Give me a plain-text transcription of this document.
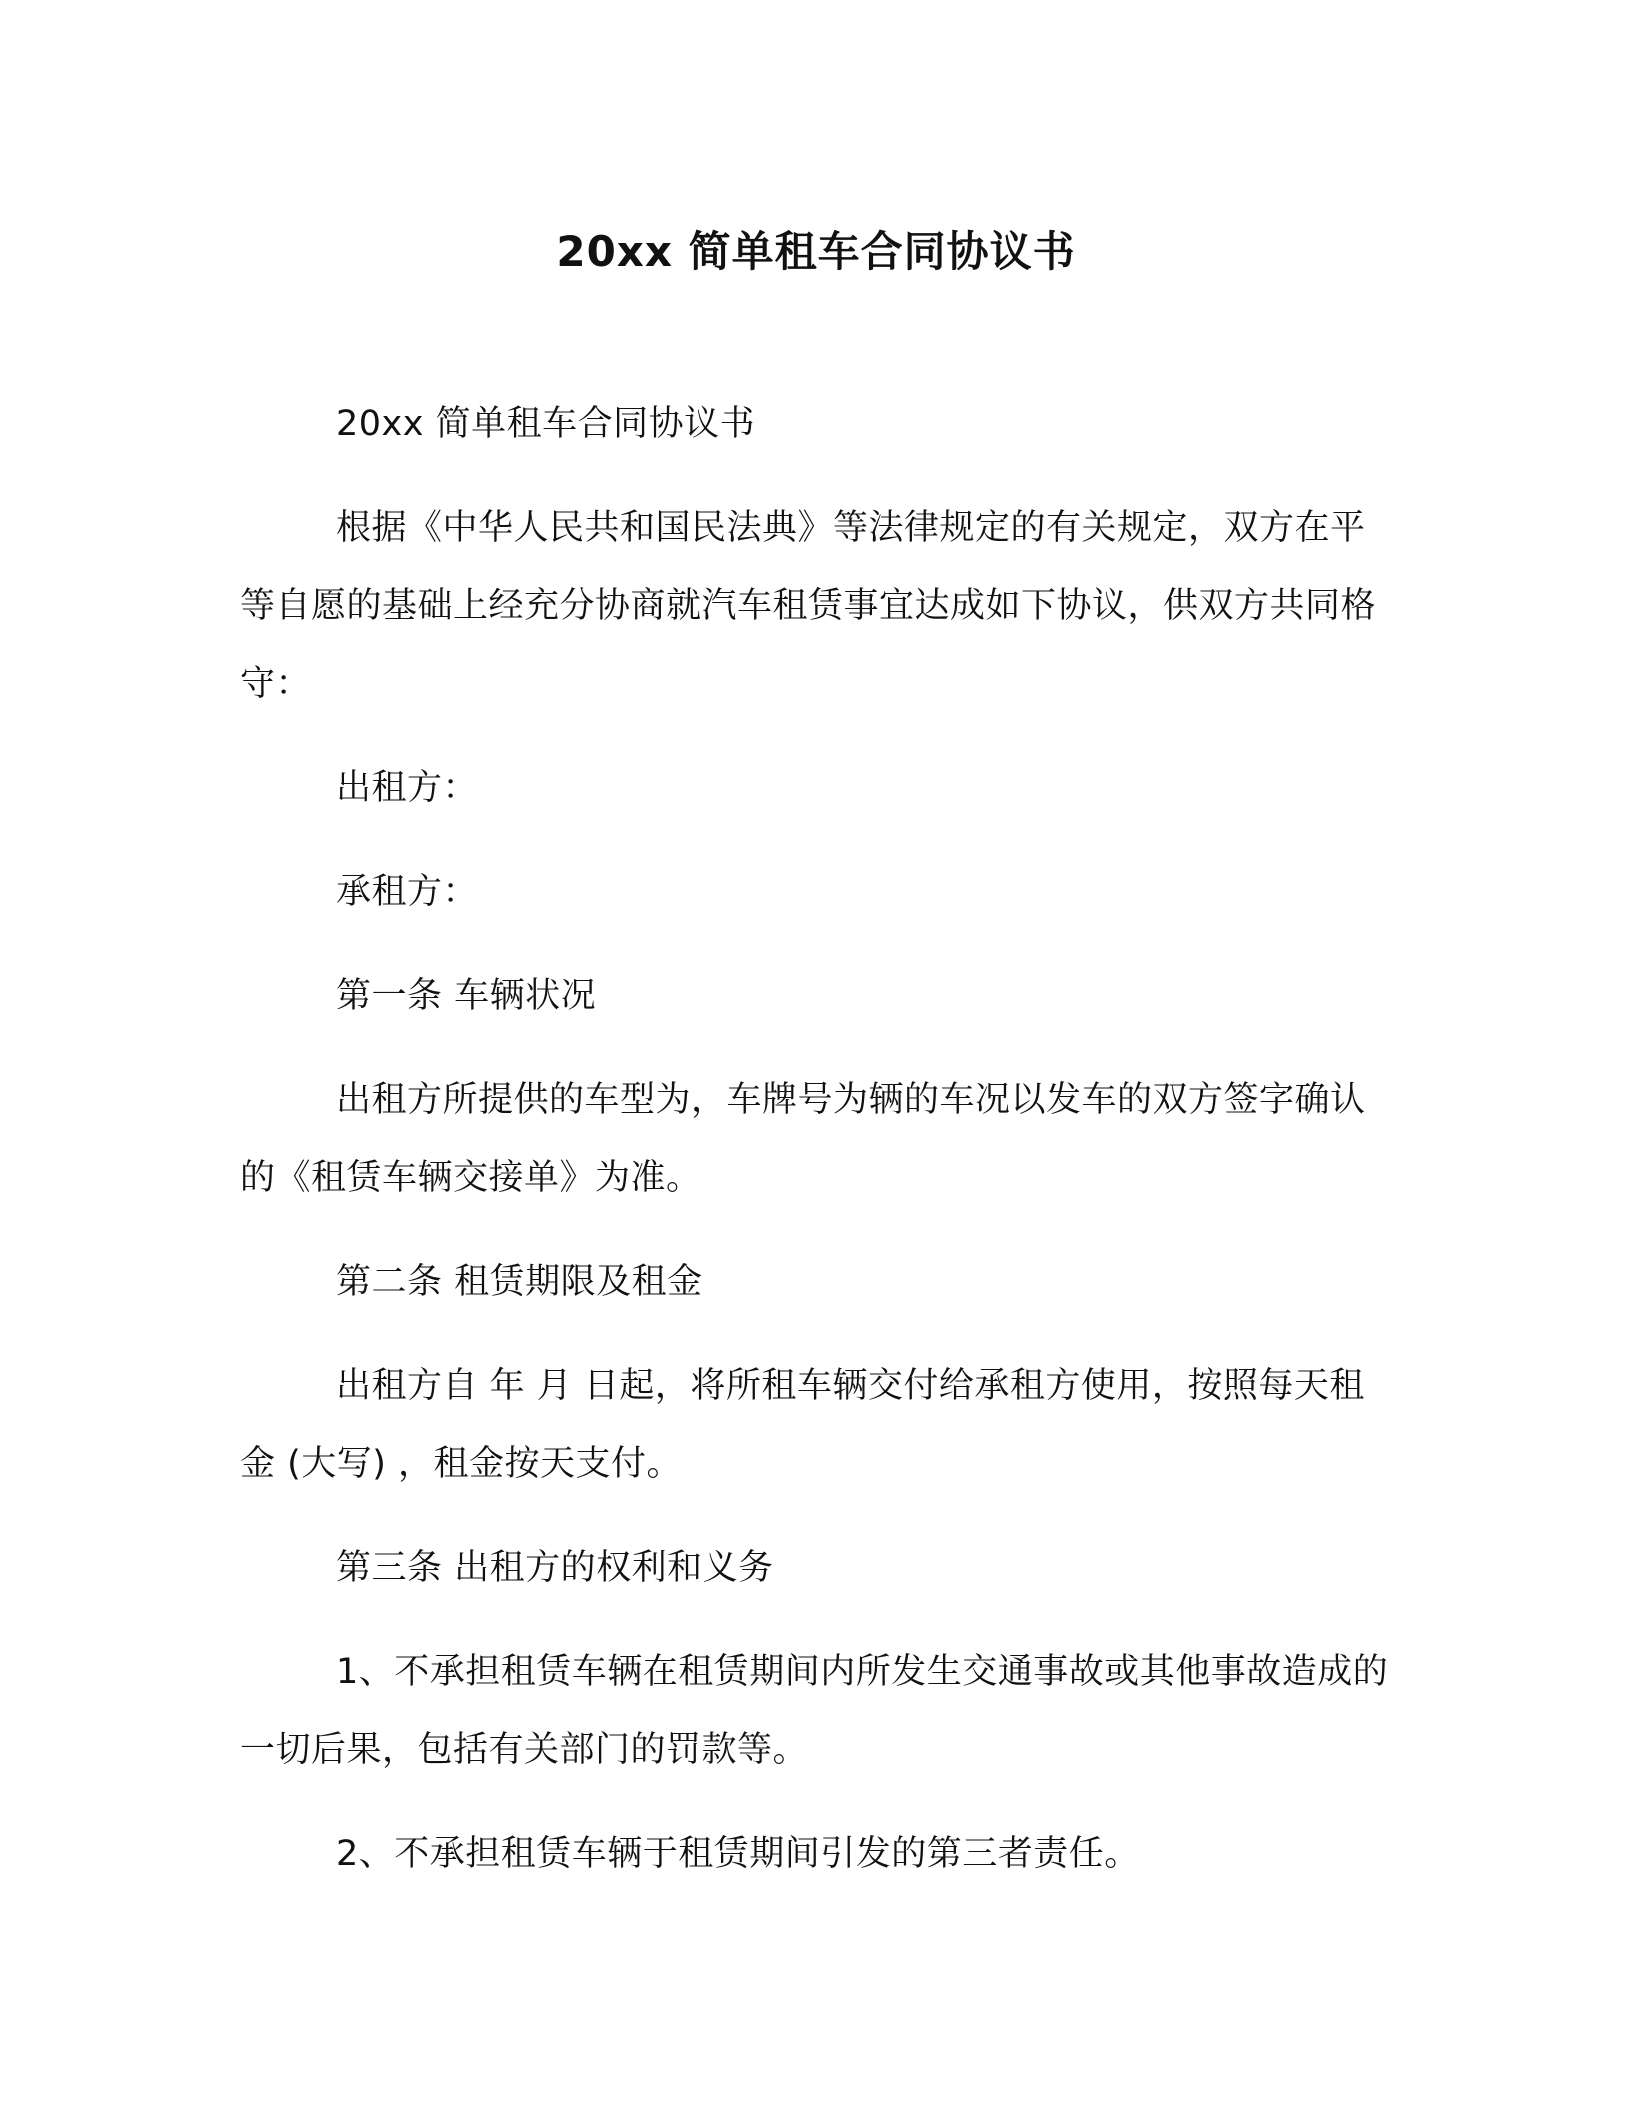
20xx 简单租车合同协议书

20xx 简单租车合同协议书

根据《中华人民共和国民法典》等法律规定的有关规定，双方在平等自愿的基础上经充分协商就汽车租赁事宜达成如下协议，供双方共同格守：

出租方：

承租方：

第一条 车辆状况

出租方所提供的车型为，车牌号为辆的车况以发车的双方签字确认的《租赁车辆交接单》为准。

第二条 租赁期限及租金

出租方自 年 月 日起，将所租车辆交付给承租方使用，按照每天租金 (大写) ，租金按天支付。

第三条 出租方的权利和义务

1、不承担租赁车辆在租赁期间内所发生交通事故或其他事故造成的一切后果，包括有关部门的罚款等。

2、不承担租赁车辆于租赁期间引发的第三者责任。
